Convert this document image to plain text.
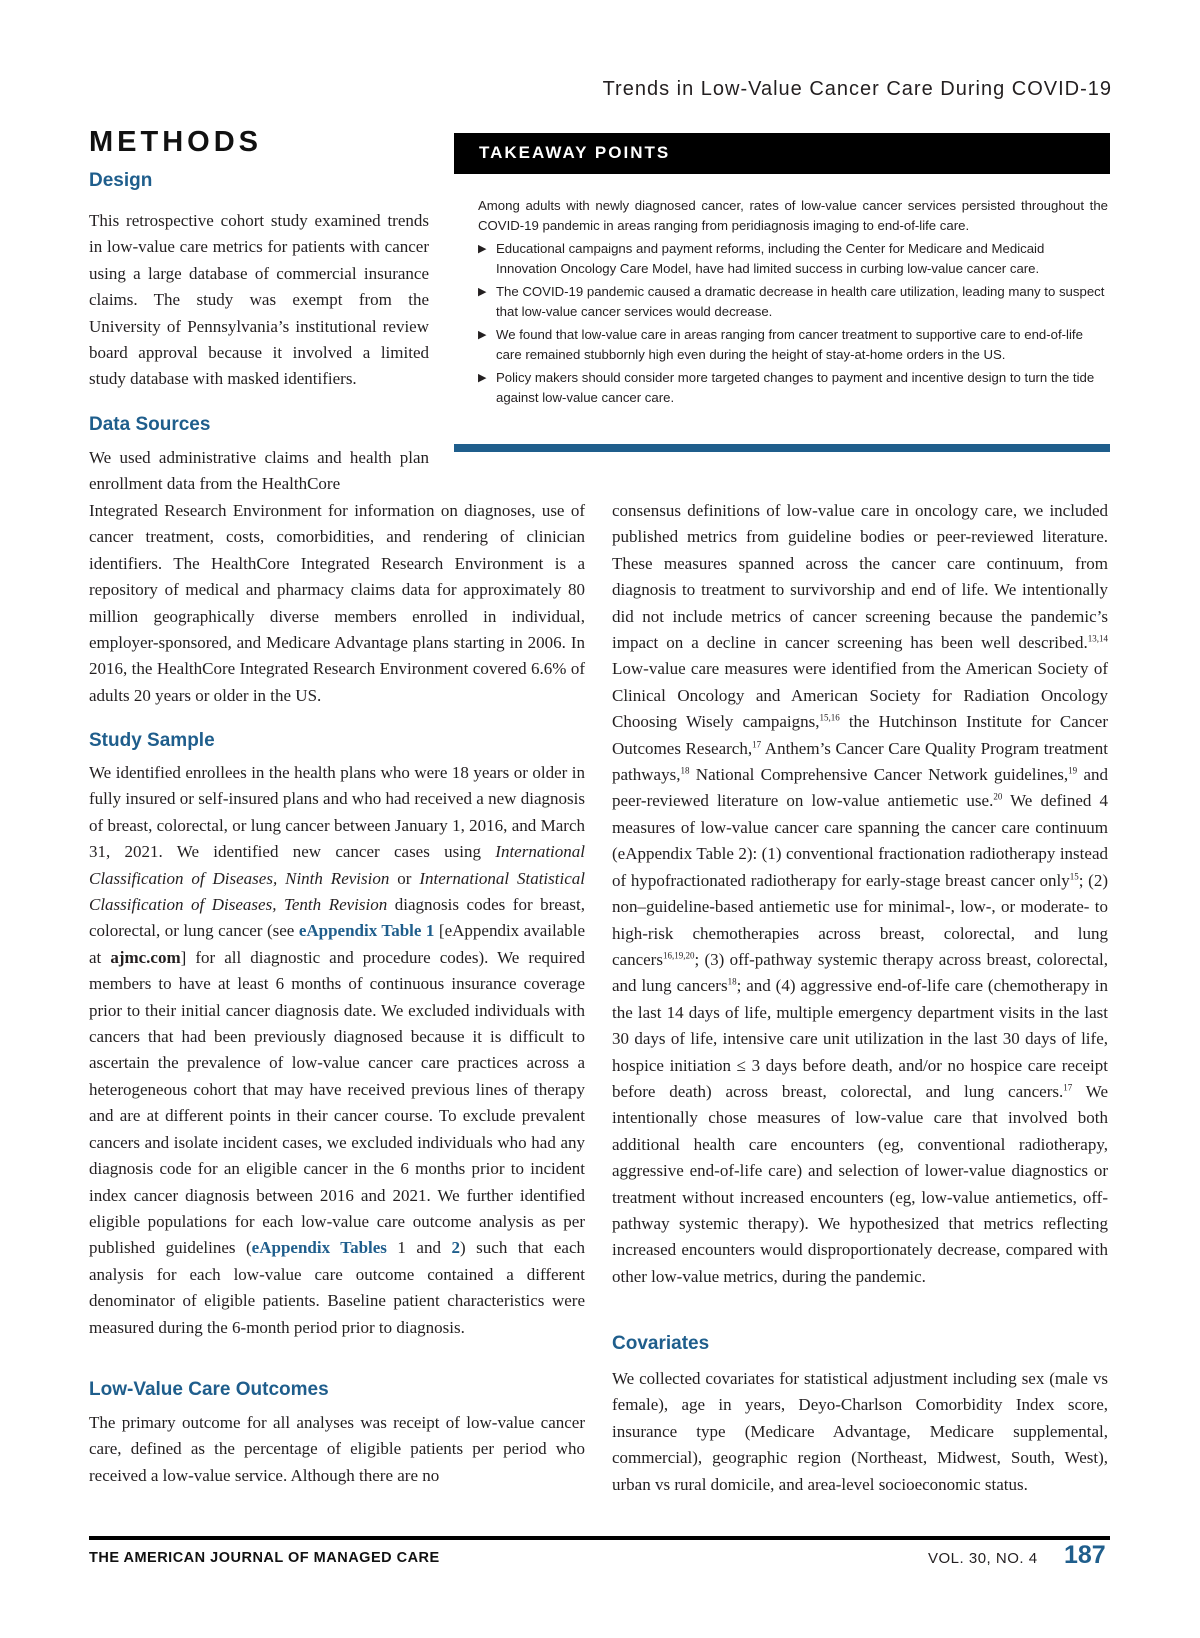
Trends in Low-Value Cancer Care During COVID-19
METHODS	TAKEAWAY POINTS

Among adults with newly diagnosed cancer, rates of low-value cancer services persisted throughout the COVID-19 pandemic in areas ranging from peridiagnosis imaging to end-of-life care.

▶ Educational campaigns and payment reforms, including the Center for Medicare and Medicaid Innovation Oncology Care Model, have had limited success in curbing low-value cancer care.
▶ The COVID-19 pandemic caused a dramatic decrease in health care utilization, leading many to suspect that low-value cancer services would decrease.
▶ We found that low-value care in areas ranging from cancer treatment to supportive care to end-of-life care remained stubbornly high even during the height of stay-at-home orders in the US.
▶ Policy makers should consider more targeted changes to payment and incentive design to turn the tide against low-value cancer care.
Design

This retrospective cohort study examined trends in low-value care metrics for patients with cancer using a large database of commercial insurance claims. The study was exempt from the University of Pennsylvania’s institutional review board approval because it involved a limited study database with masked identifiers.

Data Sources

We used administrative claims and health plan enrollment data from the HealthCore

Integrated Research Environment for information on diagnoses, use of cancer treatment, costs, comorbidities, and rendering of clinician identifiers. The HealthCore Integrated Research Environment is a repository of medical and pharmacy claims data for approximately 80 million geographically diverse members enrolled in individual, employer-sponsored, and Medicare Advantage plans starting in 2006. In 2016, the HealthCore Integrated Research Environment covered 6.6% of adults 20 years or older in the US.

Study Sample

We identified enrollees in the health plans who were 18 years or older in fully insured or self-insured plans and who had received a new diagnosis of breast, colorectal, or lung cancer between January 1, 2016, and March 31, 2021. We identified new cancer cases using International Classification of Diseases, Ninth Revision or International Statistical Classification of Diseases, Tenth Revision diagnosis codes for breast, colorectal, or lung cancer (see eAppendix Table 1 [eAppendix available at ajmc.com] for all diagnostic and procedure codes). We required members to have at least 6 months of continuous insurance coverage prior to their initial cancer diagnosis date. We excluded individuals with cancers that had been previously diagnosed because it is difficult to ascertain the prevalence of low-value cancer care practices across a heterogeneous cohort that may have received previous lines of therapy and are at different points in their cancer course. To exclude prevalent cancers and isolate incident cases, we excluded individuals who had any diagnosis code for an eligible cancer in the 6 months prior to incident index cancer diagnosis between 2016 and 2021. We further identified eligible populations for each low-value care outcome analysis as per published guidelines (eAppendix Tables 1 and 2) such that each analysis for each low-value care outcome contained a different denominator of eligible patients. Baseline patient characteristics were measured during the 6-month period prior to diagnosis.

Low-Value Care Outcomes

The primary outcome for all analyses was receipt of low-value cancer care, defined as the percentage of eligible patients per period who received a low-value service. Although there are no

consensus definitions of low-value care in oncology care, we included published metrics from guideline bodies or peer-reviewed literature. These measures spanned across the cancer care continuum, from diagnosis to treatment to survivorship and end of life. We intentionally did not include metrics of cancer screening because the pandemic’s impact on a decline in cancer screening has been well described.$^{13,14}$ Low-value care measures were identified from the American Society of Clinical Oncology and American Society for Radiation Oncology Choosing Wisely campaigns,$^{15,16}$ the Hutchinson Institute for Cancer Outcomes Research,$^{17}$ Anthem’s Cancer Care Quality Program treatment pathways,$^{18}$ National Comprehensive Cancer Network guidelines,$^{19}$ and peer-reviewed literature on low-value antiemetic use.$^{20}$ We defined 4 measures of low-value cancer care spanning the cancer care continuum (eAppendix Table 2): (1) conventional fractionation radiotherapy instead of hypofractionated radiotherapy for early-stage breast cancer only$^{15}$; (2) non–guideline-based antiemetic use for minimal-, low-, or moderate- to high-risk chemotherapies across breast, colorectal, and lung cancers$^{16,19,20}$; (3) off-pathway systemic therapy across breast, colorectal, and lung cancers$^{18}$; and (4) aggressive end-of-life care (chemotherapy in the last 14 days of life, multiple emergency department visits in the last 30 days of life, intensive care unit utilization in the last 30 days of life, hospice initiation ≤ 3 days before death, and/or no hospice care receipt before death) across breast, colorectal, and lung cancers.$^{17}$ We intentionally chose measures of low-value care that involved both additional health care encounters (eg, conventional radiotherapy, aggressive end-of-life care) and selection of lower-value diagnostics or treatment without increased encounters (eg, low-value antiemetics, off-pathway systemic therapy). We hypothesized that metrics reflecting increased encounters would disproportionately decrease, compared with other low-value metrics, during the pandemic.

Covariates

We collected covariates for statistical adjustment including sex (male vs female), age in years, Deyo-Charlson Comorbidity Index score, insurance type (Medicare Advantage, Medicare supplemental, commercial), geographic region (Northeast, Midwest, South, West), urban vs rural domicile, and area-level socioeconomic status.

THE AMERICAN JOURNAL OF MANAGED CARE	VOL. 30, NO. 4 187
